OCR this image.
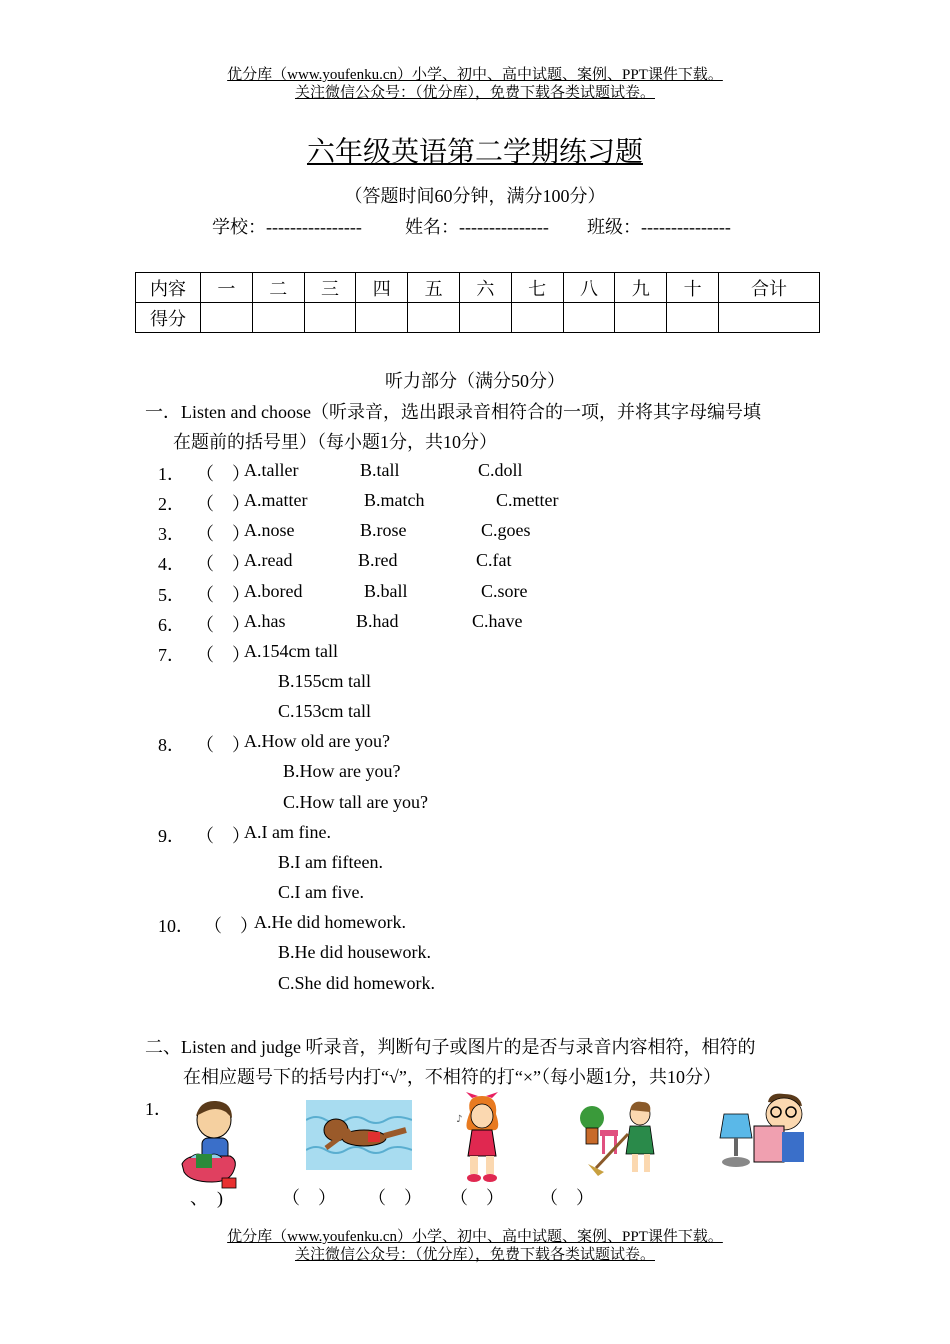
优分库（www.youfenku.cn）小学、初中、高中试题、案例、PPT课件下载。
关注微信公众号：（优分库），免费下载各类试题试卷。
六年级英语第二学期练习题
（答题时间60分钟，满分100分）
学校：---------------- 姓名：--------------- 班级：---------------
内容	一	二	三	四	五	六	七	八	九	十	合计
得分											
听力部分（满分50分）
一．Listen and choose（听录音，选出跟录音相符合的一项，并将其字母编号填
在题前的括号里）（每小题1分，共10分）
1． （　）
A.taller	B.tall	C.doll
2． （　）
A.matter	B.match	C.metter
3． （　）
A.nose	B.rose	C.goes
4． （　）
A.read	B.red	C.fat
5． （　）
A.bored	B.ball	C.sore
6． （　）
A.has	B.had	C.have
7． （　）
A.154cm tall
B.155cm tall
C.153cm tall
8． （　）
A.How old are you?
B.How are you?
C.How tall are you?
9． （　）
A.I am fine.
B.I am fifteen.
C.I am five.
10． （　）
A.He did homework.
B.He did housework.
C.She did homework.
二、Listen and judge 听录音，判断句子或图片的是否与录音内容相符，相符的
在相应题号下的括号内打“√”，不相符的打“×”（每小题1分，共10分）
1．
♪
、　)	（　） （　） （　） （　）
优分库（www.youfenku.cn）小学、初中、高中试题、案例、PPT课件下载。
关注微信公众号：（优分库），免费下载各类试题试卷。
